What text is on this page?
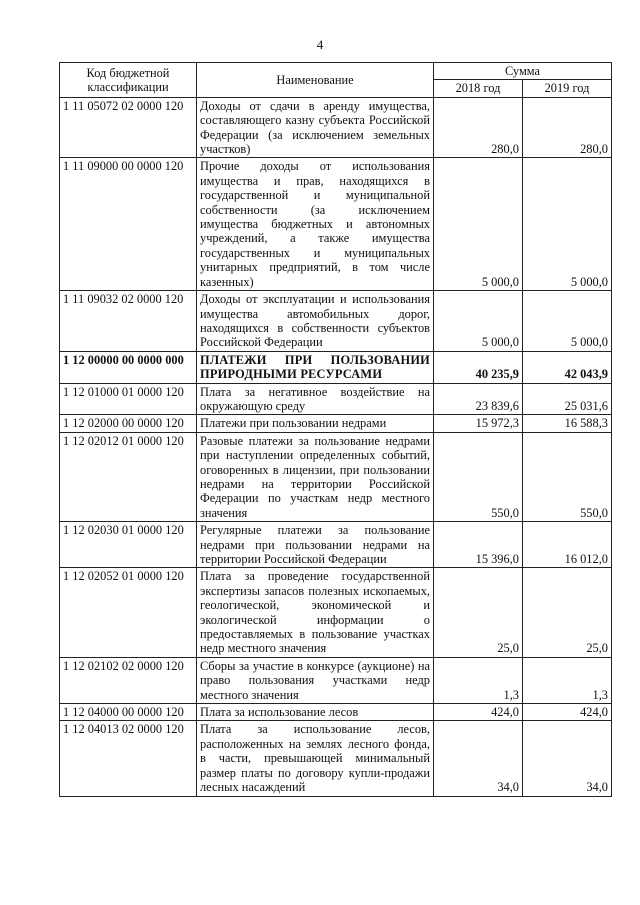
4
Код бюджетной классификации	Наименование	Сумма	
		2018 год	2019 год
1 11 05072 02 0000 120	Доходы от сдачи в аренду имущества, составляющего казну субъекта Российской Федерации (за исключением земельных участков)	280,0	280,0
1 11 09000 00 0000 120	Прочие доходы от использования имущества и прав, находящихся в государственной и муниципальной собственности (за исключением имущества бюджетных и автономных учреждений, а также имущества государственных и муниципальных унитарных предприятий, в том числе казенных)	5 000,0	5 000,0
1 11 09032 02 0000 120	Доходы от эксплуатации и использования имущества автомобильных дорог, находящихся в собственности субъектов Российской Федерации	5 000,0	5 000,0
1 12 00000 00 0000 000	ПЛАТЕЖИ ПРИ ПОЛЬЗОВАНИИ ПРИРОДНЫМИ РЕСУРСАМИ	40 235,9	42 043,9
1 12 01000 01 0000 120	Плата за негативное воздействие на окружающую среду	23 839,6	25 031,6
1 12 02000 00 0000 120	Платежи при пользовании недрами	15 972,3	16 588,3
1 12 02012 01 0000 120	Разовые платежи за пользование недрами при наступлении определенных событий, оговоренных в лицензии, при пользовании недрами на территории Российской Федерации по участкам недр местного значения	550,0	550,0
1 12 02030 01 0000 120	Регулярные платежи за пользование недрами при пользовании недрами на территории Российской Федерации	15 396,0	16 012,0
1 12 02052 01 0000 120	Плата за проведение государственной экспертизы запасов полезных ископаемых, геологической, экономической и экологической информации о предоставляемых в пользование участках недр местного значения	25,0	25,0
1 12 02102 02 0000 120	Сборы за участие в конкурсе (аукционе) на право пользования участками недр местного значения	1,3	1,3
1 12 04000 00 0000 120	Плата за использование лесов	424,0	424,0
1 12 04013 02 0000 120	Плата за использование лесов, расположенных на землях лесного фонда, в части, превышающей минимальный размер платы по договору купли-продажи лесных насаждений	34,0	34,0
